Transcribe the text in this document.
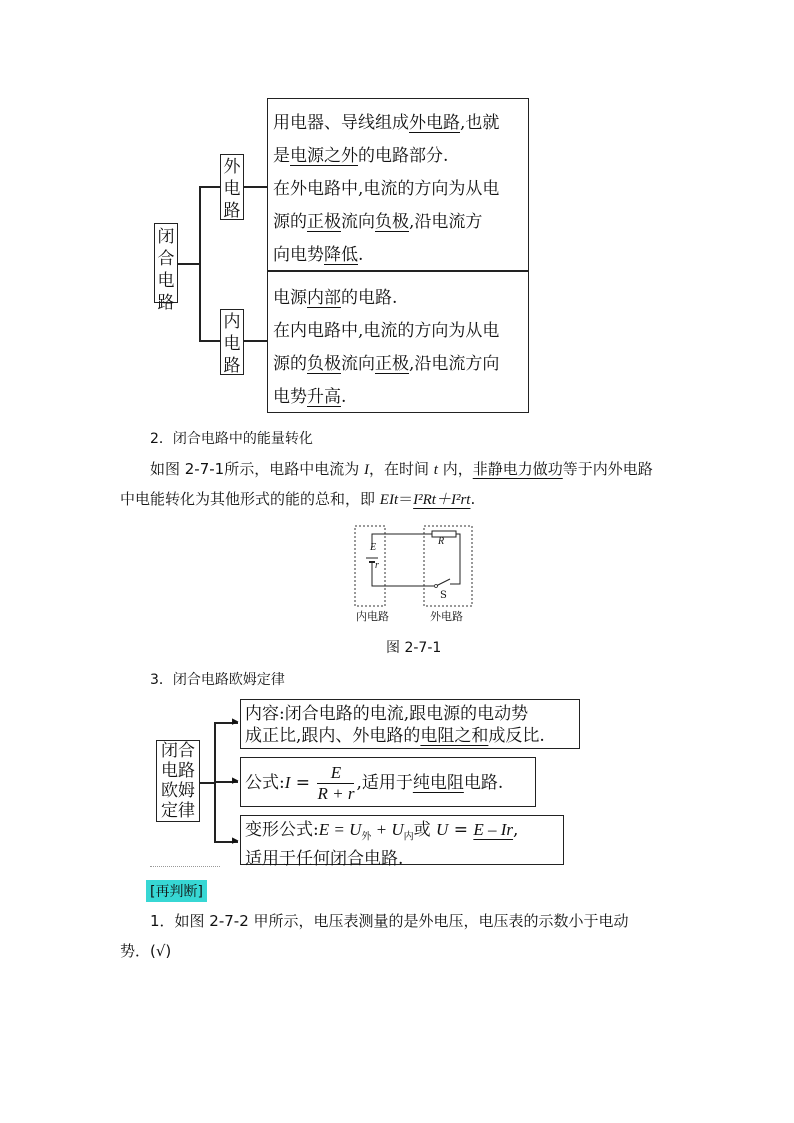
闭
合
电
路
外
电
路
内
电
路
用电器、导线组成外电路,也就
是电源之外的电路部分.
在外电路中,电流的方向为从电
源的正极流向负极,沿电流方
向电势降低.
电源内部的电路.
在内电路中,电流的方向为从电
源的负极流向正极,沿电流方向
电势升高.
2．闭合电路中的能量转化
如图 2-7-1所示，电路中电流为 I，在时间 t 内，非静电力做功等于内外电路
中电能转化为其他形式的能的总和，即 EIt＝I²Rt＋I²rt.
E
r
R
S
内电路	外电路
图 2-7-1
3．闭合电路欧姆定律
闭合
电路
欧姆
定律
▸
▸
▸
内容:闭合电路的电流,跟电源的电动势
成正比,跟内、外电路的电阻之和成反比.
公式:I = $\frac{E}{R + r}$ ,适用于纯电阻电路.
变形公式:E = $U_外 + U_内$或 U = E – Ir,
适用于任何闭合电路.
[再判断]
1．如图 2-7-2 甲所示，电压表测量的是外电压，电压表的示数小于电动
势．(√)
